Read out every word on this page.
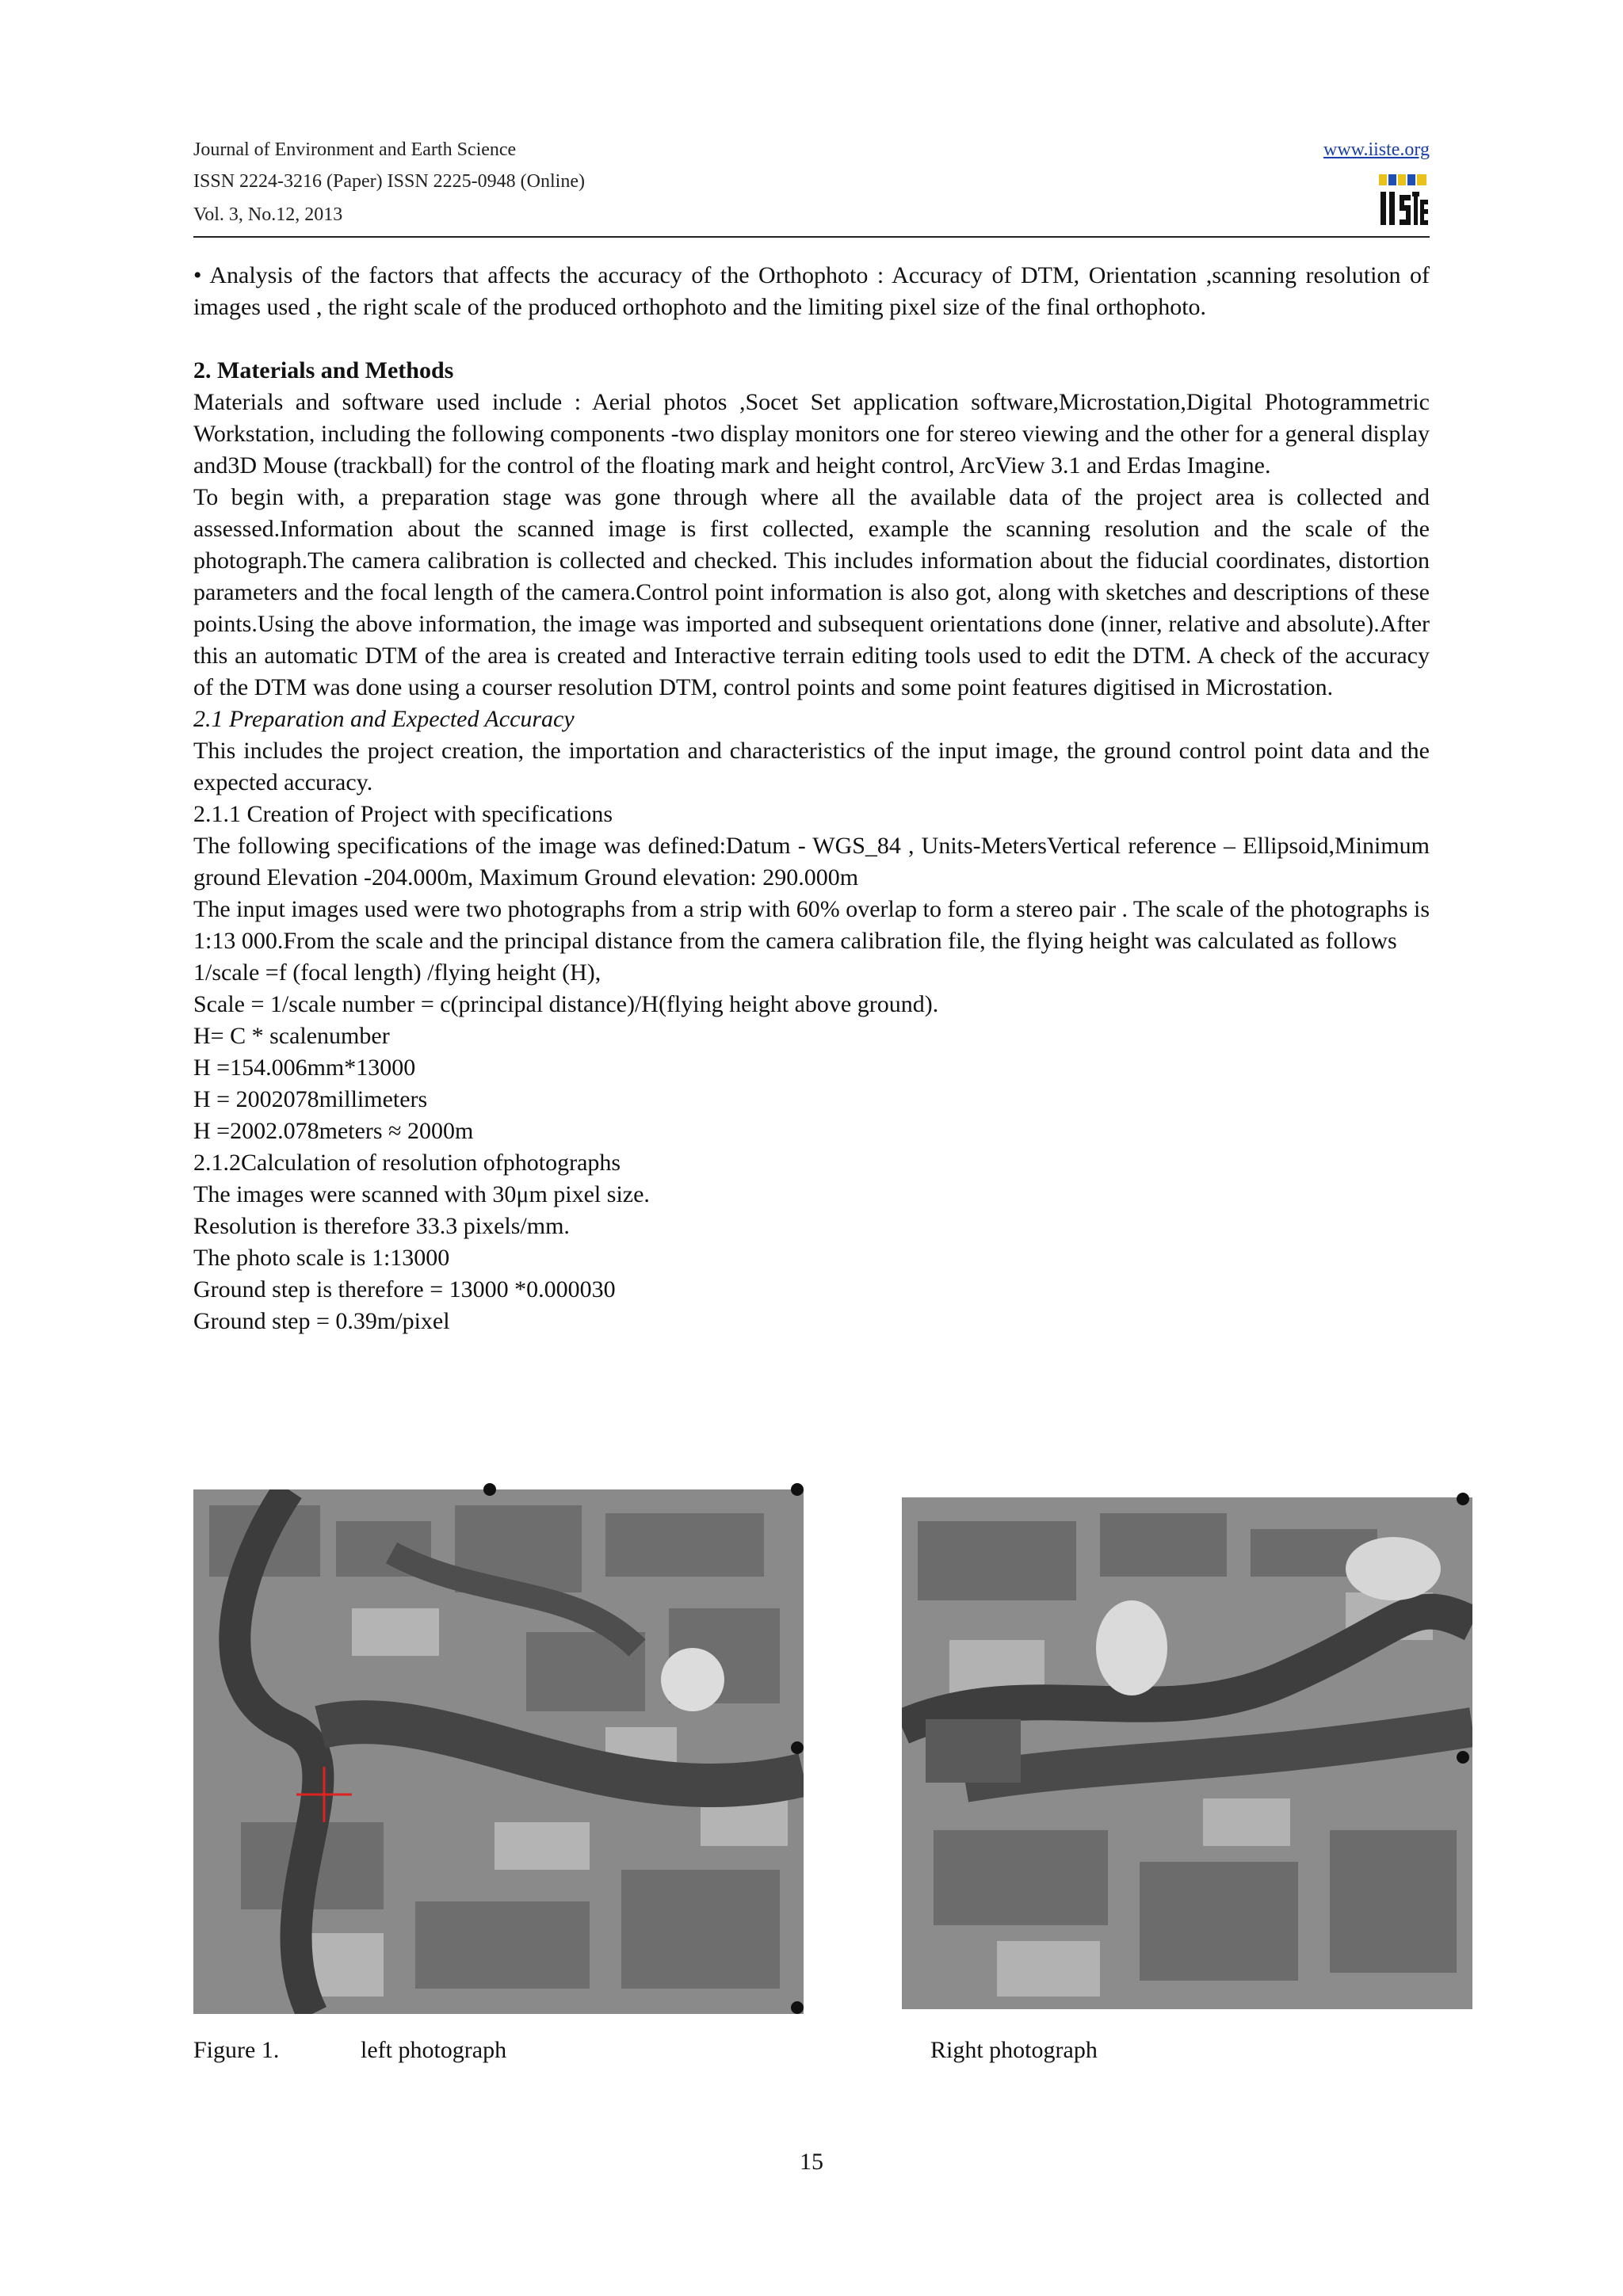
Journal of Environment and Earth Science
ISSN 2224-3216 (Paper) ISSN 2225-0948 (Online)
Vol. 3, No.12, 2013
www.iiste.org

• Analysis of the factors that affects the accuracy of the Orthophoto : Accuracy of DTM, Orientation ,scanning resolution of images used , the right scale of the produced orthophoto and the limiting pixel size of the final orthophoto.

2. Materials and Methods

Materials and software used include : Aerial photos ,Socet Set application software,Microstation,Digital Photogrammetric Workstation, including the following components -two display monitors one for stereo viewing and the other for a general display and3D Mouse (trackball) for the control of the floating mark and height control, ArcView 3.1 and Erdas Imagine.

To begin with, a preparation stage was gone through where all the available data of the project area is collected and assessed.Information about the scanned image is first collected, example the scanning resolution and the scale of the photograph.The camera calibration is collected and checked. This includes information about the fiducial coordinates, distortion parameters and the focal length of the camera.Control point information is also got, along with sketches and descriptions of these points.Using the above information, the image was imported and subsequent orientations done (inner, relative and absolute).After this an automatic DTM of the area is created and Interactive terrain editing tools used to edit the DTM. A check of the accuracy of the DTM was done using a courser resolution DTM, control points and some point features digitised in Microstation.

2.1 Preparation and Expected Accuracy

This includes the project creation, the importation and characteristics of the input image, the ground control point data and the expected accuracy.

2.1.1 Creation of Project with specifications

The following specifications of the image was defined:Datum - WGS_84 , Units-MetersVertical reference – Ellipsoid,Minimum ground Elevation -204.000m, Maximum Ground elevation: 290.000m

The input images used were two photographs from a strip with 60% overlap to form a stereo pair . The scale of the photographs is 1:13 000.From the scale and the principal distance from the camera calibration file, the flying height was calculated as follows

1/scale =f (focal length) /flying height (H),

Scale = 1/scale number = c(principal distance)/H(flying height above ground).

H= C * scalenumber

H =154.006mm*13000

H = 2002078millimeters

H =2002.078meters ≈ 2000m

2.1.2Calculation of resolution ofphotographs

The images were scanned with 30μm pixel size.

Resolution is therefore 33.3 pixels/mm.

The photo scale is 1:13000

Ground step is therefore = 13000 *0.000030

Ground step = 0.39m/pixel

Figure 1.	left photograph	Right photograph
15
